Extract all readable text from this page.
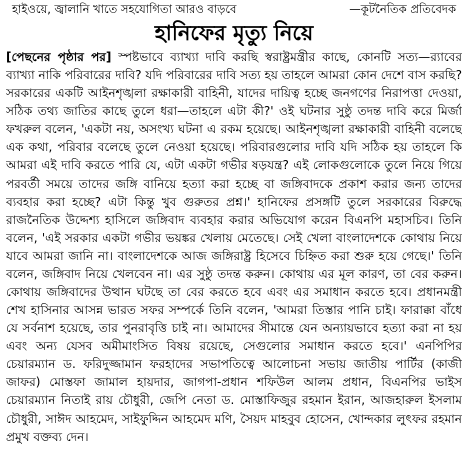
হাইওয়ে, জ্বালানি খাতে সহযোগিতা আরও বাড়বে	—কূটনৈতিক প্রতিবেদক
হানিফের মৃত্যু নিয়ে

[পেছনের পৃষ্ঠার পর] স্পষ্টভাবে ব্যাখ্যা দাবি করছি স্বরাষ্ট্রমন্ত্রীর কাছে, কোনটি সত্য—র‌্যাবের ব্যাখ্যা নাকি পরিবারের দাবি? যদি পরিবারের দাবি সত্য হয় তাহলে আমরা কোন দেশে বাস করছি? সরকারের একটি আইনশৃঙ্খলা রক্ষাকারী বাহিনী, যাদের দায়িত্ব হচ্ছে জনগণের নিরাপত্তা দেওয়া, সঠিক তথ্য জাতির কাছে তুলে ধরা—তাহলে এটা কী?' ওই ঘটনার সুষ্ঠু তদন্ত দাবি করে মির্জা ফখরুল বলেন, 'একটা নয়, অসংখ্য ঘটনা এ রকম হয়েছে। আইনশৃঙ্খলা রক্ষাকারী বাহিনী বলেছে এক কথা, পরিবার বলেছে তুলে নেওয়া হয়েছে। পরিবারগুলোর দাবি যদি সঠিক হয় তাহলে কি আমরা এই দাবি করতে পারি যে, এটা একটা গভীর ষড়যন্ত্র? এই লোকগুলোকে তুলে নিয়ে গিয়ে পরবর্তী সময়ে তাদের জঙ্গি বানিয়ে হত্যা করা হচ্ছে বা জঙ্গিবাদকে প্রকাশ করার জন্য তাদের ব্যবহার করা হচ্ছে? এটা কিন্তু খুব গুরুতর প্রশ্ন।' হানিফের প্রসঙ্গটি তুলে সরকারের বিরুদ্ধে রাজনৈতিক উদ্দেশ্য হাসিলে জঙ্গিবাদ ব্যবহার করার অভিযোগ করেন বিএনপি মহাসচিব। তিনি বলেন, 'এই সরকার একটা গভীর ভয়ঙ্কর খেলায় মেতেছে। সেই খেলা বাংলাদেশকে কোথায় নিয়ে যাবে আমরা জানি না। বাংলাদেশকে আজ জঙ্গিরাষ্ট্র হিসেবে চিহ্নিত করা শুরু হয়ে গেছে।' তিনি বলেন, জঙ্গিবাদ নিয়ে খেলবেন না। এর সুষ্ঠু তদন্ত করুন। কোথায় এর মূল কারণ, তা বের করুন। কোথায় জঙ্গিবাদের উত্থান ঘটছে তা বের করতে হবে এবং এর সমাধান করতে হবে। প্রধানমন্ত্রী শেখ হাসিনার আসন্ন ভারত সফর সম্পর্কে তিনি বলেন, 'আমরা তিস্তার পানি চাই। ফারাক্কা বাঁধে যে সর্বনাশ হয়েছে, তার পুনরাবৃত্তি চাই না। আমাদের সীমান্তে যেন অন্যায়ভাবে হত্যা করা না হয় এবং অন্য যেসব অমীমাংসিত বিষয় রয়েছে, সেগুলোর সমাধান করতে হবে।' এনপিপির চেয়ারম্যান ড. ফরিদুজ্জামান ফরহাদের সভাপতিত্বে আলোচনা সভায় জাতীয় পার্টির (কাজী জাফর) মোস্তফা জামাল হায়দার, জাগপা-প্রধান শফিউল আলম প্রধান, বিএনপির ভাইস চেয়ারম্যান নিতাই রায় চৌধুরী, জেপি নেতা ড. মোস্তাফিজুর রহমান ইরান, আজহারুল ইসলাম চৌধুরী, সাঈদ আহমেদ, সাইফুদ্দিন আহমেদ মণি, সৈয়দ মাহবুব হোসেন, খোন্দকার লুৎফর রহমান প্রমুখ বক্তব্য দেন।
